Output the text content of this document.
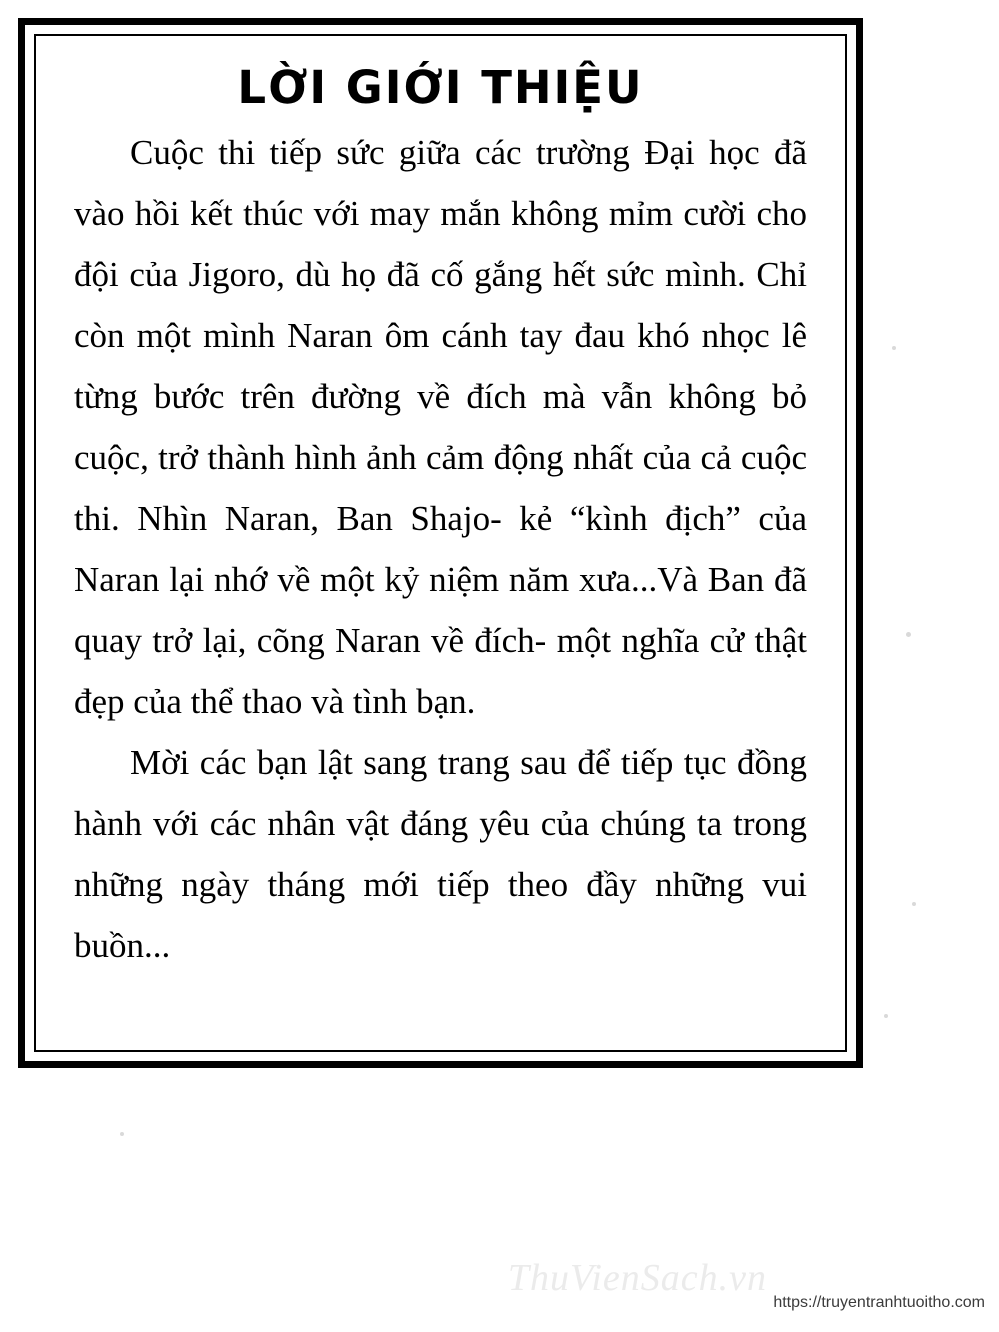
LỜI GIỚI THIỆU

Cuộc thi tiếp sức giữa các trường Đại học đã vào hồi kết thúc với may mắn không mỉm cười cho đội của Jigoro, dù họ đã cố gắng hết sức mình. Chỉ còn một mình Naran ôm cánh tay đau khó nhọc lê từng bước trên đường về đích mà vẫn không bỏ cuộc, trở thành hình ảnh cảm động nhất của cả cuộc thi. Nhìn Naran, Ban Shajo- kẻ “kình địch” của Naran lại nhớ về một kỷ niệm năm xưa...Và Ban đã quay trở lại, cõng Naran về đích- một nghĩa cử thật đẹp của thể thao và tình bạn.

Mời các bạn lật sang trang sau để tiếp tục đồng hành với các nhân vật đáng yêu của chúng ta trong những ngày tháng mới tiếp theo đầy những vui buồn...

ThuVienSach.vn
https://truyentranhtuoitho.com
